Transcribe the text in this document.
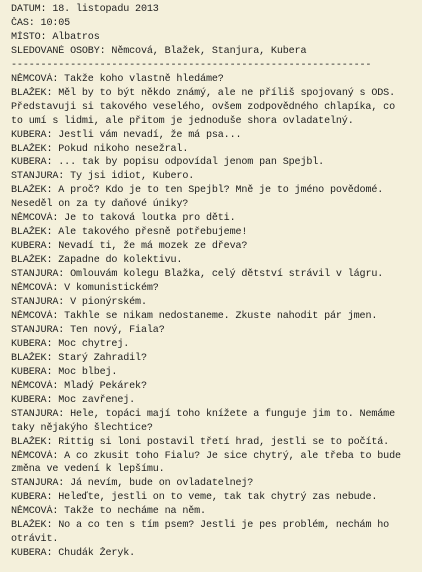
DATUM: 18. listopadu 2013
ČAS: 10:05
MÍSTO: Albatros
SLEDOVANÉ OSOBY: Němcová, Blažek, Stanjura, Kubera
-------------------------------------------------------------
NĚMCOVÁ: Takže koho vlastně hledáme?
BLAŽEK: Měl by to být někdo známý, ale ne příliš spojovaný s ODS.
Představuji si takového veselého, ovšem zodpovědného chlapíka, co
to umí s lidmi, ale přitom je jednoduše shora ovladatelný.
KUBERA: Jestli vám nevadí, že má psa...
BLAŽEK: Pokud nikoho nesežral.
KUBERA: ... tak by popisu odpovídal jenom pan Spejbl.
STANJURA: Ty jsi idiot, Kubero.
BLAŽEK: A proč? Kdo je to ten Spejbl? Mně je to jméno povědomé.
Neseděl on za ty daňové úniky?
NĚMCOVÁ: Je to taková loutka pro děti.
BLAŽEK: Ale takového přesně potřebujeme!
KUBERA: Nevadí ti, že má mozek ze dřeva?
BLAŽEK: Zapadne do kolektivu.
STANJURA: Omlouvám kolegu Blažka, celý dětství strávil v lágru.
NĚMCOVÁ: V komunistickém?
STANJURA: V pionýrském.
NĚMCOVÁ: Takhle se nikam nedostaneme. Zkuste nahodit pár jmen.
STANJURA: Ten nový, Fiala?
KUBERA: Moc chytrej.
BLAŽEK: Starý Zahradil?
KUBERA: Moc blbej.
NĚMCOVÁ: Mladý Pekárek?
KUBERA: Moc zavřenej.
STANJURA: Hele, topáci mají toho knížete a funguje jim to. Nemáme
taky nějakýho šlechtice?
BLAŽEK: Rittig si loni postavil třetí hrad, jestli se to počítá.
NĚMCOVÁ: A co zkusit toho Fialu? Je sice chytrý, ale třeba to bude
změna ve vedení k lepšímu.
STANJURA: Já nevím, bude on ovladatelnej?
KUBERA: Heleďte, jestli on to veme, tak tak chytrý zas nebude.
NĚMCOVÁ: Takže to necháme na něm.
BLAŽEK: No a co ten s tím psem? Jestli je pes problém, nechám ho
otrávit.
KUBERA: Chudák Žeryk.
